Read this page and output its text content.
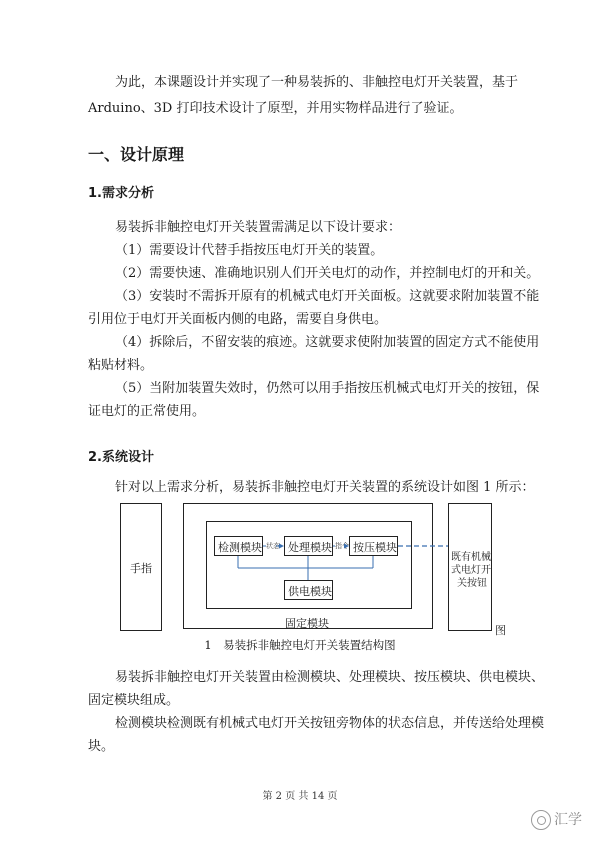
为此，本课题设计并实现了一种易装拆的、非触控电灯开关装置，基于
Arduino、3D 打印技术设计了原型，并用实物样品进行了验证。
一、设计原理
1.需求分析
易装拆非触控电灯开关装置需满足以下设计要求：
（1）需要设计代替手指按压电灯开关的装置。
（2）需要快速、准确地识别人们开关电灯的动作，并控制电灯的开和关。
（3）安装时不需拆开原有的机械式电灯开关面板。这就要求附加装置不能
引用位于电灯开关面板内侧的电路，需要自身供电。
（4）拆除后，不留安装的痕迹。这就要求使附加装置的固定方式不能使用
粘贴材料。
（5）当附加装置失效时，仍然可以用手指按压机械式电灯开关的按钮，保
证电灯的正常使用。
2.系统设计
针对以上需求分析，易装拆非触控电灯开关装置的系统设计如图 1 所示：
手指
固定模块
检测模块 处理模块 按压模块
供电模块
状态	指令
既有机械
式电灯开
关按钮
图
1　易装拆非触控电灯开关装置结构图
易装拆非触控电灯开关装置由检测模块、处理模块、按压模块、供电模块、
固定模块组成。
检测模块检测既有机械式电灯开关按钮旁物体的状态信息，并传送给处理模
块。
第 2 页 共 14 页
汇学
